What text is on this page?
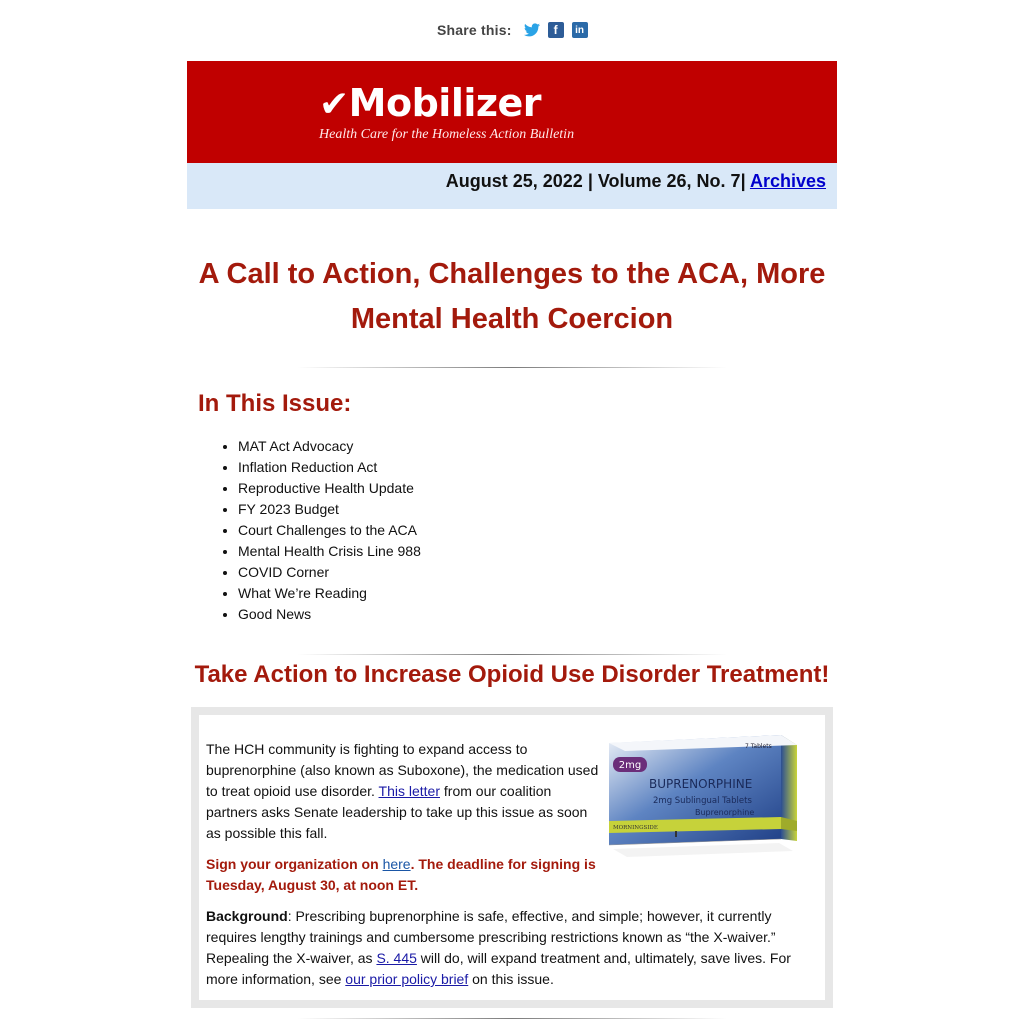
Share this:	f	in
✔Mobilizer
Health Care for the Homeless Action Bulletin
August 25, 2022 | Volume 26, No. 7| Archives
A Call to Action, Challenges to the ACA, More Mental Health Coercion
In This Issue:
• MAT Act Advocacy
• Inflation Reduction Act
• Reproductive Health Update
• FY 2023 Budget
• Court Challenges to the ACA
• Mental Health Crisis Line 988
• COVID Corner
• What We’re Reading
• Good News
Take Action to Increase Opioid Use Disorder Treatment!

The HCH community is fighting to expand access to buprenorphine (also known as Suboxone), the medication used to treat opioid use disorder. This letter from our coalition partners asks Senate leadership to take up this issue as soon as possible this fall.

Sign your organization on here. The deadline for signing is Tuesday, August 30, at noon ET.

Background: Prescribing buprenorphine is safe, effective, and simple; however, it currently requires lengthy trainings and cumbersome prescribing restrictions known as “the X-waiver.” Repealing the X-waiver, as S. 445 will do, will expand treatment and, ultimately, save lives. For more information, see our prior policy brief on this issue.

2mg
7 Tablets
BUPRENORPHINE
2mg Sublingual Tablets
Buprenorphine
MORNINGSIDE
